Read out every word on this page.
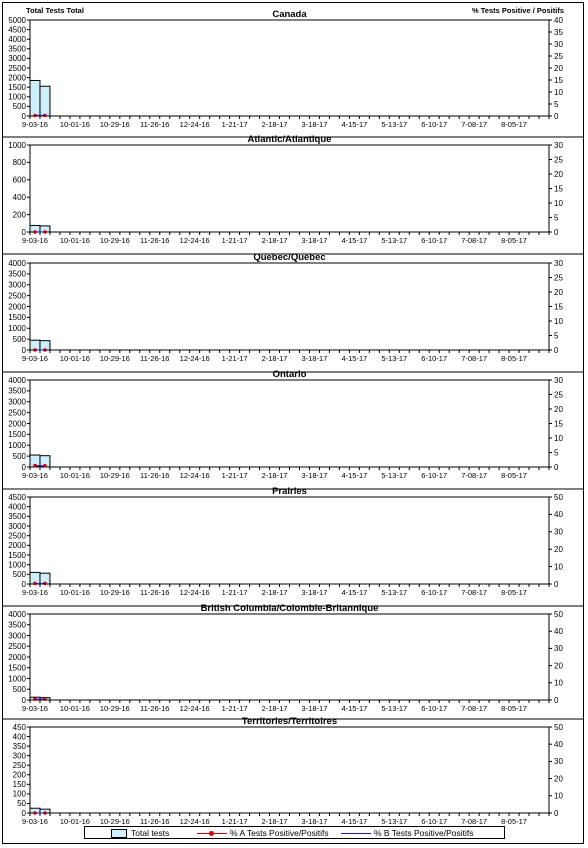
Canada
Total Tests Total	% Tests Positive / Positifs
0
500
1000
1500
2000
2500
3000
3500
4000
4500
5000
0
5
10
15
20
25
30
35
40
9-03-16 10-01-16 10-29-16 11-26-16 12-24-16 1-21-17 2-18-17 3-18-17 4-15-17 5-13-17 6-10-17 7-08-17 8-05-17
Atlantic/Atlantique
0
200
400
600
800
1000
0
5
10
15
20
25
30
9-03-16 10-01-16 10-29-16 11-26-16 12-24-16 1-21-17 2-18-17 3-18-17 4-15-17 5-13-17 6-10-17 7-08-17 8-05-17
Quebec/Québec
0
500
1000
1500
2000
2500
3000
3500
4000
0
5
10
15
20
25
30
9-03-16 10-01-16 10-29-16 11-26-16 12-24-16 1-21-17 2-18-17 3-18-17 4-15-17 5-13-17 6-10-17 7-08-17 8-05-17
Ontario
0
500
1000
1500
2000
2500
3000
3500
4000
0
5
10
15
20
25
30
9-03-16 10-01-16 10-29-16 11-26-16 12-24-16 1-21-17 2-18-17 3-18-17 4-15-17 5-13-17 6-10-17 7-08-17 8-05-17
Prairies
0
500
1000
1500
2000
2500
3000
3500
4000
4500
0
10
20
30
40
50
9-03-16 10-01-16 10-29-16 11-26-16 12-24-16 1-21-17 2-18-17 3-18-17 4-15-17 5-13-17 6-10-17 7-08-17 8-05-17
British Columbia/Colombie-Britannique
0
500
1000
1500
2000
2500
3000
3500
4000
0
10
20
30
40
50
9-03-16 10-01-16 10-29-16 11-26-16 12-24-16 1-21-17 2-18-17 3-18-17 4-15-17 5-13-17 6-10-17 7-08-17 8-05-17
Territories/Territoires
0
50
100
150
200
250
300
350
400
450
0
10
20
30
40
50
9-03-16 10-01-16 10-29-16 11-26-16 12-24-16 1-21-17 2-18-17 3-18-17 4-15-17 5-13-17 6-10-17 7-08-17 8-05-17
Total tests	% A Tests Positive/Positifs	% B Tests Positive/Positifs
